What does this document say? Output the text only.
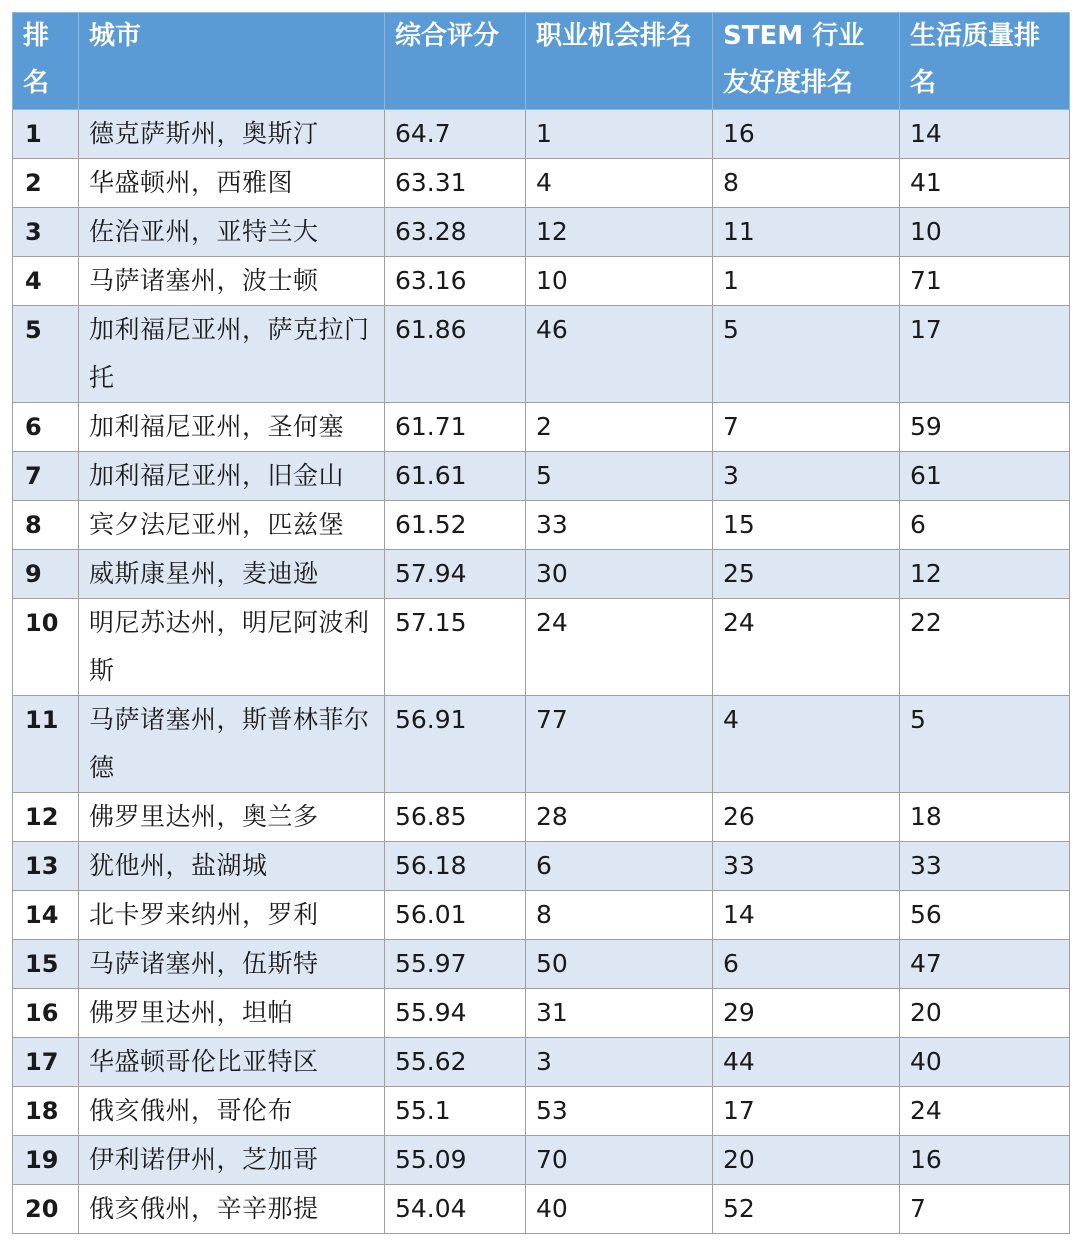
排名	城市	综合评分	职业机会排名	STEM 行业友好度排名	生活质量排名
1	德克萨斯州，奥斯汀	64.7	1	16	14
2	华盛顿州，西雅图	63.31	4	8	41
3	佐治亚州，亚特兰大	63.28	12	11	10
4	马萨诸塞州，波士顿	63.16	10	1	71
5	加利福尼亚州，萨克拉门托	61.86	46	5	17
6	加利福尼亚州，圣何塞	61.71	2	7	59
7	加利福尼亚州，旧金山	61.61	5	3	61
8	宾夕法尼亚州，匹兹堡	61.52	33	15	6
9	威斯康星州，麦迪逊	57.94	30	25	12
10	明尼苏达州，明尼阿波利斯	57.15	24	24	22
11	马萨诸塞州，斯普林菲尔德	56.91	77	4	5
12	佛罗里达州，奥兰多	56.85	28	26	18
13	犹他州，盐湖城	56.18	6	33	33
14	北卡罗来纳州，罗利	56.01	8	14	56
15	马萨诸塞州，伍斯特	55.97	50	6	47
16	佛罗里达州，坦帕	55.94	31	29	20
17	华盛顿哥伦比亚特区	55.62	3	44	40
18	俄亥俄州，哥伦布	55.1	53	17	24
19	伊利诺伊州，芝加哥	55.09	70	20	16
20	俄亥俄州，辛辛那提	54.04	40	52	7
